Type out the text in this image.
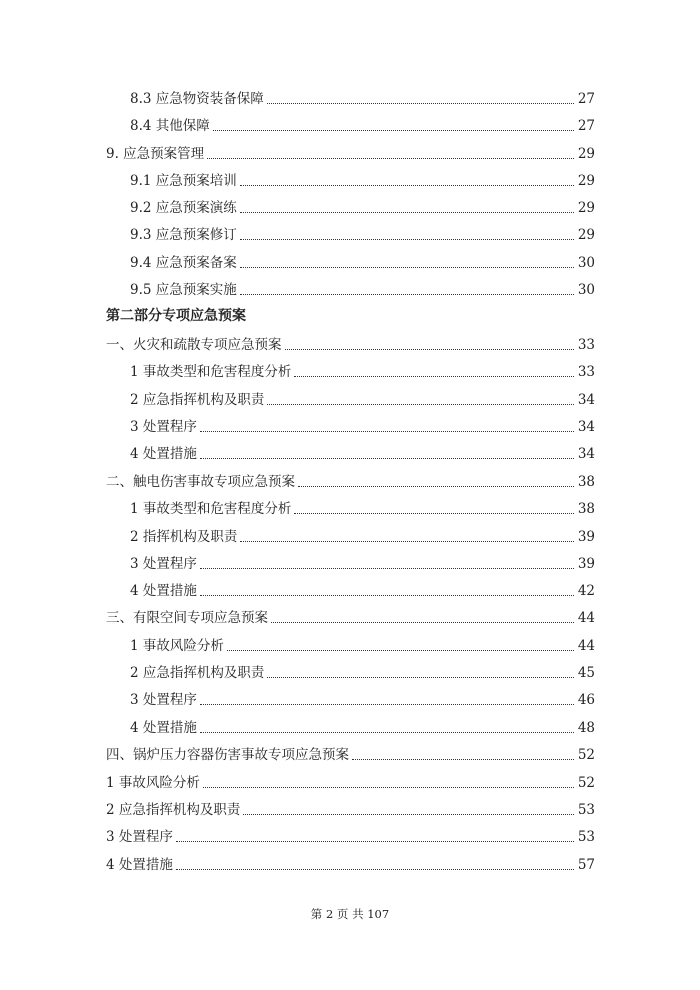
8.3 应急物资装备保障	27
8.4 其他保障	27
9. 应急预案管理	29
9.1 应急预案培训	29
9.2 应急预案演练	29
9.3 应急预案修订	29
9.4 应急预案备案	30
9.5 应急预案实施	30
第二部分专项应急预案
一、火灾和疏散专项应急预案	33
1 事故类型和危害程度分析	33
2 应急指挥机构及职责	34
3 处置程序	34
4 处置措施	34
二、触电伤害事故专项应急预案	38
1 事故类型和危害程度分析	38
2 指挥机构及职责	39
3 处置程序	39
4 处置措施	42
三、有限空间专项应急预案	44
1 事故风险分析	44
2 应急指挥机构及职责	45
3 处置程序	46
4 处置措施	48
四、锅炉压力容器伤害事故专项应急预案	52
1 事故风险分析	52
2 应急指挥机构及职责	53
3 处置程序	53
4 处置措施	57
第 2 页 共 107
